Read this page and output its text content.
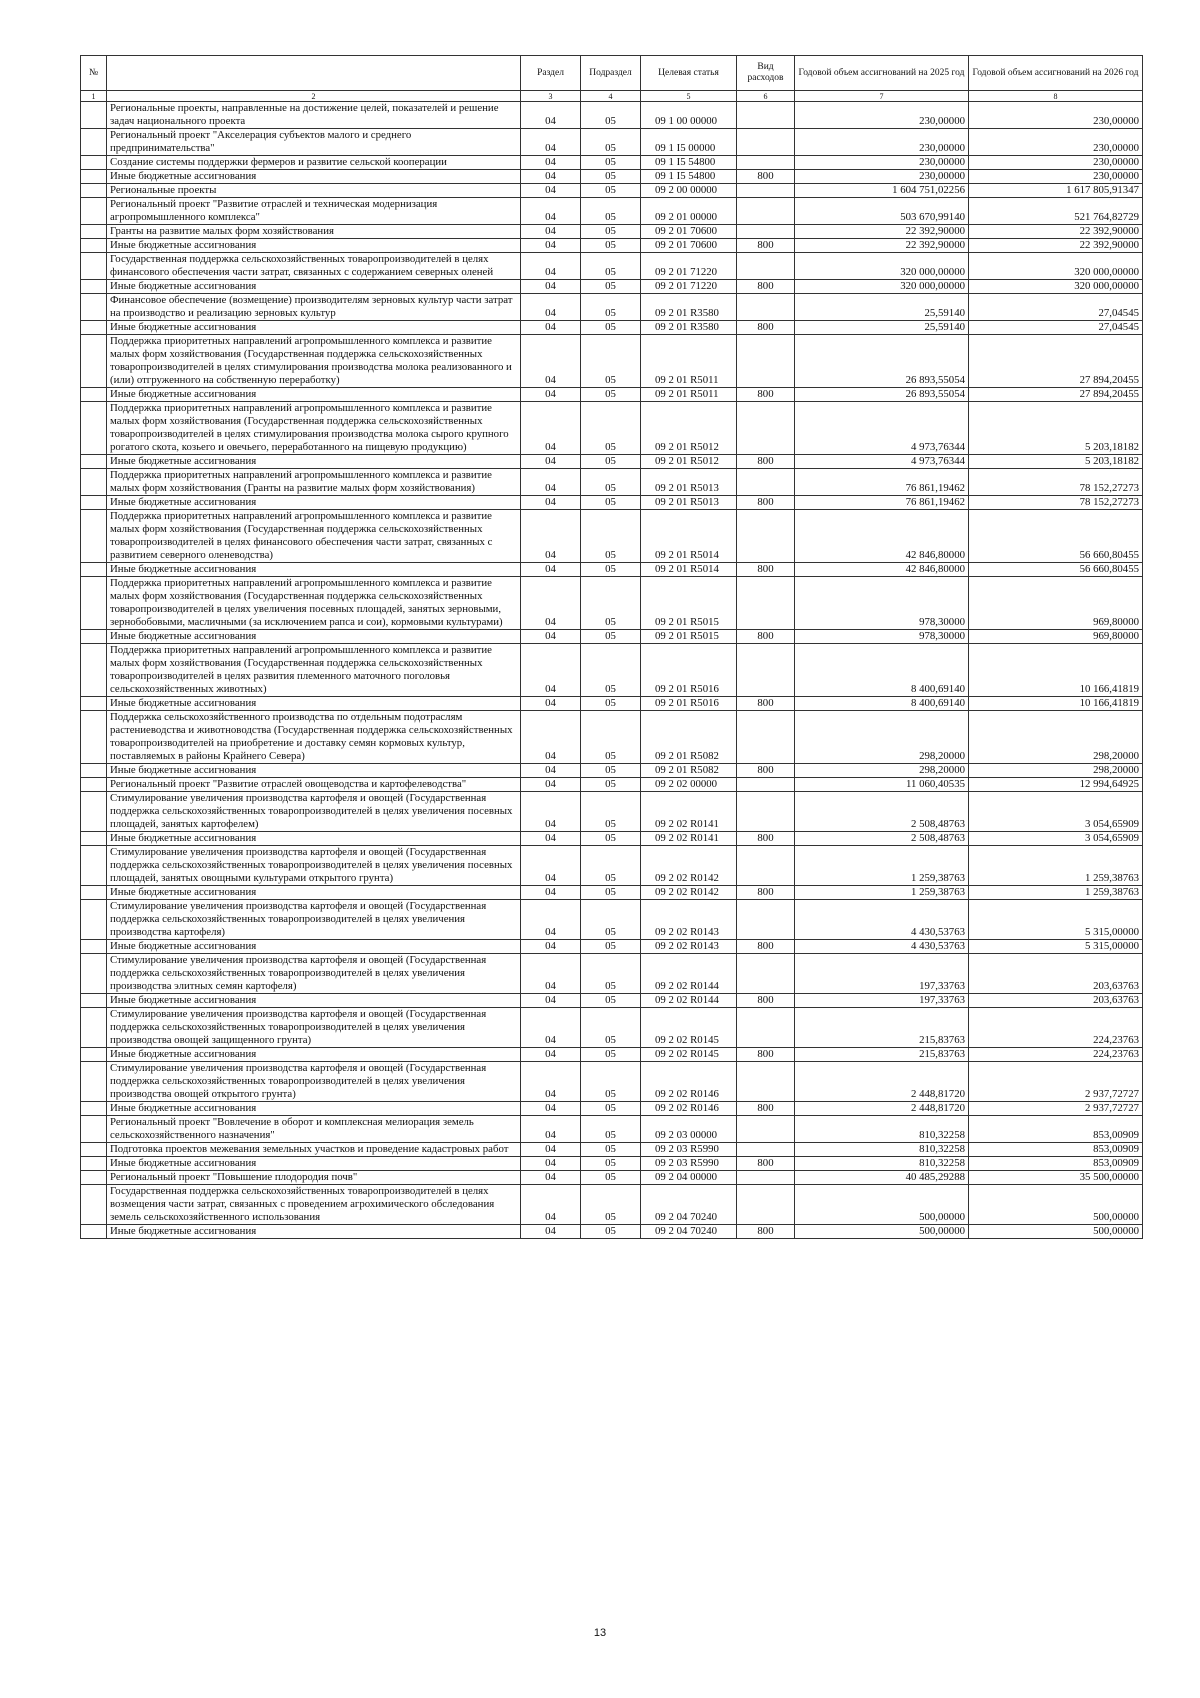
№		Раздел	Подраздел	Целевая статья	Вид расходов	Годовой объем ассигнований на 2025 год	Годовой объем ассигнований на 2026 год
1	2	3	4	5	6	7	8
	Региональные проекты, направленные на достижение целей, показателей и решение задач национального проекта	04	05	09 1 00 00000		230,00000	230,00000
	Региональный проект "Акселерация субъектов малого и среднего предпринимательства"	04	05	09 1 I5 00000		230,00000	230,00000
	Создание системы поддержки фермеров и развитие сельской кооперации	04	05	09 1 I5 54800		230,00000	230,00000
	Иные бюджетные ассигнования	04	05	09 1 I5 54800	800	230,00000	230,00000
	Региональные проекты	04	05	09 2 00 00000		1 604 751,02256	1 617 805,91347
	Региональный проект "Развитие отраслей и техническая модернизация агропромышленного комплекса"	04	05	09 2 01 00000		503 670,99140	521 764,82729
	Гранты на развитие малых форм хозяйствования	04	05	09 2 01 70600		22 392,90000	22 392,90000
	Иные бюджетные ассигнования	04	05	09 2 01 70600	800	22 392,90000	22 392,90000
	Государственная поддержка сельскохозяйственных товаропроизводителей в целях финансового обеспечения части затрат, связанных с содержанием северных оленей	04	05	09 2 01 71220		320 000,00000	320 000,00000
	Иные бюджетные ассигнования	04	05	09 2 01 71220	800	320 000,00000	320 000,00000
	Финансовое обеспечение (возмещение) производителям зерновых культур части затрат на производство и реализацию зерновых культур	04	05	09 2 01 R3580		25,59140	27,04545
	Иные бюджетные ассигнования	04	05	09 2 01 R3580	800	25,59140	27,04545
	Поддержка приоритетных направлений агропромышленного комплекса и развитие малых форм хозяйствования (Государственная поддержка сельскохозяйственных товаропроизводителей в целях стимулирования производства молока реализованного и (или) отгруженного на собственную переработку)	04	05	09 2 01 R5011		26 893,55054	27 894,20455
	Иные бюджетные ассигнования	04	05	09 2 01 R5011	800	26 893,55054	27 894,20455
	Поддержка приоритетных направлений агропромышленного комплекса и развитие малых форм хозяйствования (Государственная поддержка сельскохозяйственных товаропроизводителей в целях стимулирования производства молока сырого крупного рогатого скота, козьего и овечьего, переработанного на пищевую продукцию)	04	05	09 2 01 R5012		4 973,76344	5 203,18182
	Иные бюджетные ассигнования	04	05	09 2 01 R5012	800	4 973,76344	5 203,18182
	Поддержка приоритетных направлений агропромышленного комплекса и развитие малых форм хозяйствования (Гранты на развитие малых форм хозяйствования)	04	05	09 2 01 R5013		76 861,19462	78 152,27273
	Иные бюджетные ассигнования	04	05	09 2 01 R5013	800	76 861,19462	78 152,27273
	Поддержка приоритетных направлений агропромышленного комплекса и развитие малых форм хозяйствования (Государственная поддержка сельскохозяйственных товаропроизводителей в целях финансового обеспечения части затрат, связанных с развитием северного оленеводства)	04	05	09 2 01 R5014		42 846,80000	56 660,80455
	Иные бюджетные ассигнования	04	05	09 2 01 R5014	800	42 846,80000	56 660,80455
	Поддержка приоритетных направлений агропромышленного комплекса и развитие малых форм хозяйствования (Государственная поддержка сельскохозяйственных товаропроизводителей в целях увеличения посевных площадей, занятых зерновыми, зернобобовыми, масличными (за исключением рапса и сои), кормовыми культурами)	04	05	09 2 01 R5015		978,30000	969,80000
	Иные бюджетные ассигнования	04	05	09 2 01 R5015	800	978,30000	969,80000
	Поддержка приоритетных направлений агропромышленного комплекса и развитие малых форм хозяйствования (Государственная поддержка сельскохозяйственных товаропроизводителей в целях развития племенного маточного поголовья сельскохозяйственных животных)	04	05	09 2 01 R5016		8 400,69140	10 166,41819
	Иные бюджетные ассигнования	04	05	09 2 01 R5016	800	8 400,69140	10 166,41819
	Поддержка сельскохозяйственного производства по отдельным подотраслям растениеводства и животноводства (Государственная поддержка сельскохозяйственных товаропроизводителей на приобретение и доставку семян кормовых культур, поставляемых в районы Крайнего Севера)	04	05	09 2 01 R5082		298,20000	298,20000
	Иные бюджетные ассигнования	04	05	09 2 01 R5082	800	298,20000	298,20000
	Региональный проект "Развитие отраслей овощеводства и картофелеводства"	04	05	09 2 02 00000		11 060,40535	12 994,64925
	Стимулирование увеличения производства картофеля и овощей (Государственная поддержка сельскохозяйственных товаропроизводителей в целях увеличения посевных площадей, занятых картофелем)	04	05	09 2 02 R0141		2 508,48763	3 054,65909
	Иные бюджетные ассигнования	04	05	09 2 02 R0141	800	2 508,48763	3 054,65909
	Стимулирование увеличения производства картофеля и овощей (Государственная поддержка сельскохозяйственных товаропроизводителей в целях увеличения посевных площадей, занятых овощными культурами открытого грунта)	04	05	09 2 02 R0142		1 259,38763	1 259,38763
	Иные бюджетные ассигнования	04	05	09 2 02 R0142	800	1 259,38763	1 259,38763
	Стимулирование увеличения производства картофеля и овощей (Государственная поддержка сельскохозяйственных товаропроизводителей в целях увеличения производства картофеля)	04	05	09 2 02 R0143		4 430,53763	5 315,00000
	Иные бюджетные ассигнования	04	05	09 2 02 R0143	800	4 430,53763	5 315,00000
	Стимулирование увеличения производства картофеля и овощей (Государственная поддержка сельскохозяйственных товаропроизводителей в целях увеличения производства элитных семян картофеля)	04	05	09 2 02 R0144		197,33763	203,63763
	Иные бюджетные ассигнования	04	05	09 2 02 R0144	800	197,33763	203,63763
	Стимулирование увеличения производства картофеля и овощей (Государственная поддержка сельскохозяйственных товаропроизводителей в целях увеличения производства овощей защищенного грунта)	04	05	09 2 02 R0145		215,83763	224,23763
	Иные бюджетные ассигнования	04	05	09 2 02 R0145	800	215,83763	224,23763
	Стимулирование увеличения производства картофеля и овощей (Государственная поддержка сельскохозяйственных товаропроизводителей в целях увеличения производства овощей открытого грунта)	04	05	09 2 02 R0146		2 448,81720	2 937,72727
	Иные бюджетные ассигнования	04	05	09 2 02 R0146	800	2 448,81720	2 937,72727
	Региональный проект "Вовлечение в оборот и комплексная мелиорация земель сельскохозяйственного назначения"	04	05	09 2 03 00000		810,32258	853,00909
	Подготовка проектов межевания земельных участков и проведение кадастровых работ	04	05	09 2 03 R5990		810,32258	853,00909
	Иные бюджетные ассигнования	04	05	09 2 03 R5990	800	810,32258	853,00909
	Региональный проект "Повышение плодородия почв"	04	05	09 2 04 00000		40 485,29288	35 500,00000
	Государственная поддержка сельскохозяйственных товаропроизводителей в целях возмещения части затрат, связанных с проведением агрохимического обследования земель сельскохозяйственного использования	04	05	09 2 04 70240		500,00000	500,00000
	Иные бюджетные ассигнования	04	05	09 2 04 70240	800	500,00000	500,00000
13
